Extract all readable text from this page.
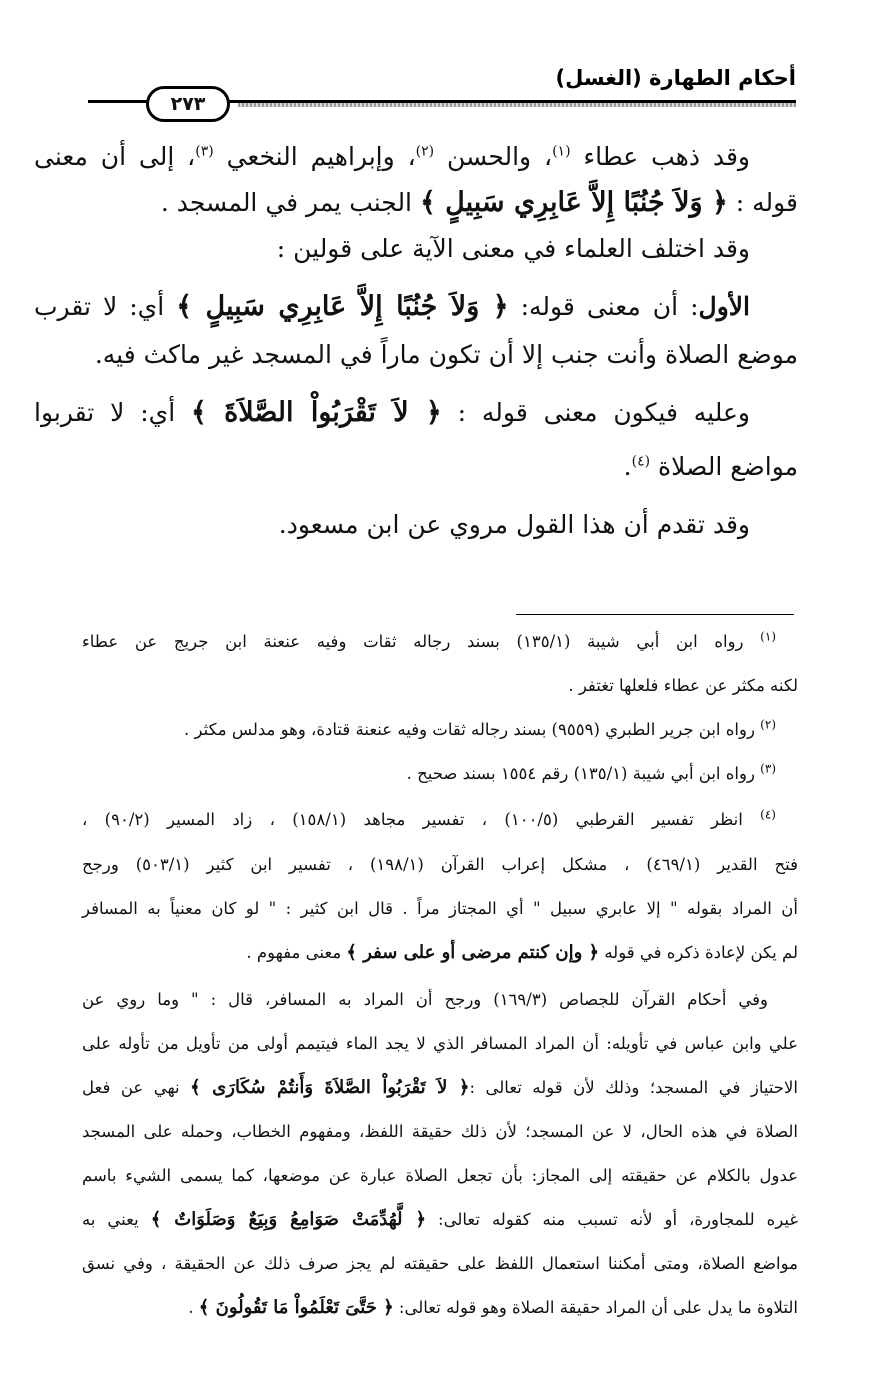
أحكام الطهارة (الغسل)
٢٧٣
وقد ذهب عطاء $^{(١)}$، والحسن $^{(٢)}$، وإبراهيم النخعي $^{(٣)}$، إلى أن معنى
قوله : ﴿ وَلاَ جُنُبًا إِلاَّ عَابِرِي سَبِيلٍ ﴾ الجنب يمر في المسجد .
وقد اختلف العلماء في معنى الآية على قولين :
الأول: أن معنى قوله: ﴿ وَلاَ جُنُبًا إِلاَّ عَابِرِي سَبِيلٍ ﴾ أي: لا تقرب
موضع الصلاة وأنت جنب إلا أن تكون ماراً في المسجد غير ماكث فيه.
وعليه فيكون معنى قوله : ﴿ لاَ تَقْرَبُواْ الصَّلاَةَ ﴾ أي: لا تقربوا
مواضع الصلاة $^{(٤)}$.
وقد تقدم أن هذا القول مروي عن ابن مسعود.
$^{(١)}$ رواه ابن أبي شيبة (١٣٥/١) بسند رجاله ثقات وفيه عنعنة ابن جريج عن عطاء
لكنه مكثر عن عطاء فلعلها تغتفر .
$^{(٢)}$ رواه ابن جرير الطبري (٩٥٥٩) بسند رجاله ثقات وفيه عنعنة قتادة، وهو مدلس مكثر .
$^{(٣)}$ رواه ابن أبي شيبة (١٣٥/١) رقم ١٥٥٤ بسند صحيح .
$^{(٤)}$ انظر تفسير القرطبي (١٠٠/٥) ، تفسير مجاهد (١٥٨/١) ، زاد المسير (٩٠/٢) ،
فتح القدير (٤٦٩/١) ، مشكل إعراب القرآن (١٩٨/١) ، تفسير ابن كثير (٥٠٣/١) ورجح
أن المراد بقوله " إلا عابري سبيل " أي المجتاز مراً . قال ابن كثير : " لو كان معنياً به المسافر
لم يكن لإعادة ذكره في قوله ﴿ وإن كنتم مرضى أو على سفر ﴾ معنى مفهوم .
وفي أحكام القرآن للجصاص (١٦٩/٣) ورجح أن المراد به المسافر، قال : " وما روي عن
علي وابن عباس في تأويله: أن المراد المسافر الذي لا يجد الماء فيتيمم أولى من تأويل من تأوله على
الاحتياز في المسجد؛ وذلك لأن قوله تعالى :﴿ لاَ تَقْرَبُواْ الصَّلاَةَ وَأَنتُمْ سُكَارَى ﴾ نهي عن فعل
الصلاة في هذه الحال، لا عن المسجد؛ لأن ذلك حقيقة اللفظ، ومفهوم الخطاب، وحمله على المسجد
عدول بالكلام عن حقيقته إلى المجاز: بأن تجعل الصلاة عبارة عن موضعها، كما يسمى الشيء باسم
غيره للمجاورة، أو لأنه تسبب منه كقوله تعالى: ﴿ لَّهُدِّمَتْ صَوَامِعُ وَبِيَعٌ وَصَلَوَاتٌ ﴾ يعني به
مواضع الصلاة، ومتى أمكننا استعمال اللفظ على حقيقته لم يجز صرف ذلك عن الحقيقة ، وفي نسق
التلاوة ما يدل على أن المراد حقيقة الصلاة وهو قوله تعالى: ﴿ حَتَّىَ تَعْلَمُواْ مَا تَقُولُونَ ﴾ .
